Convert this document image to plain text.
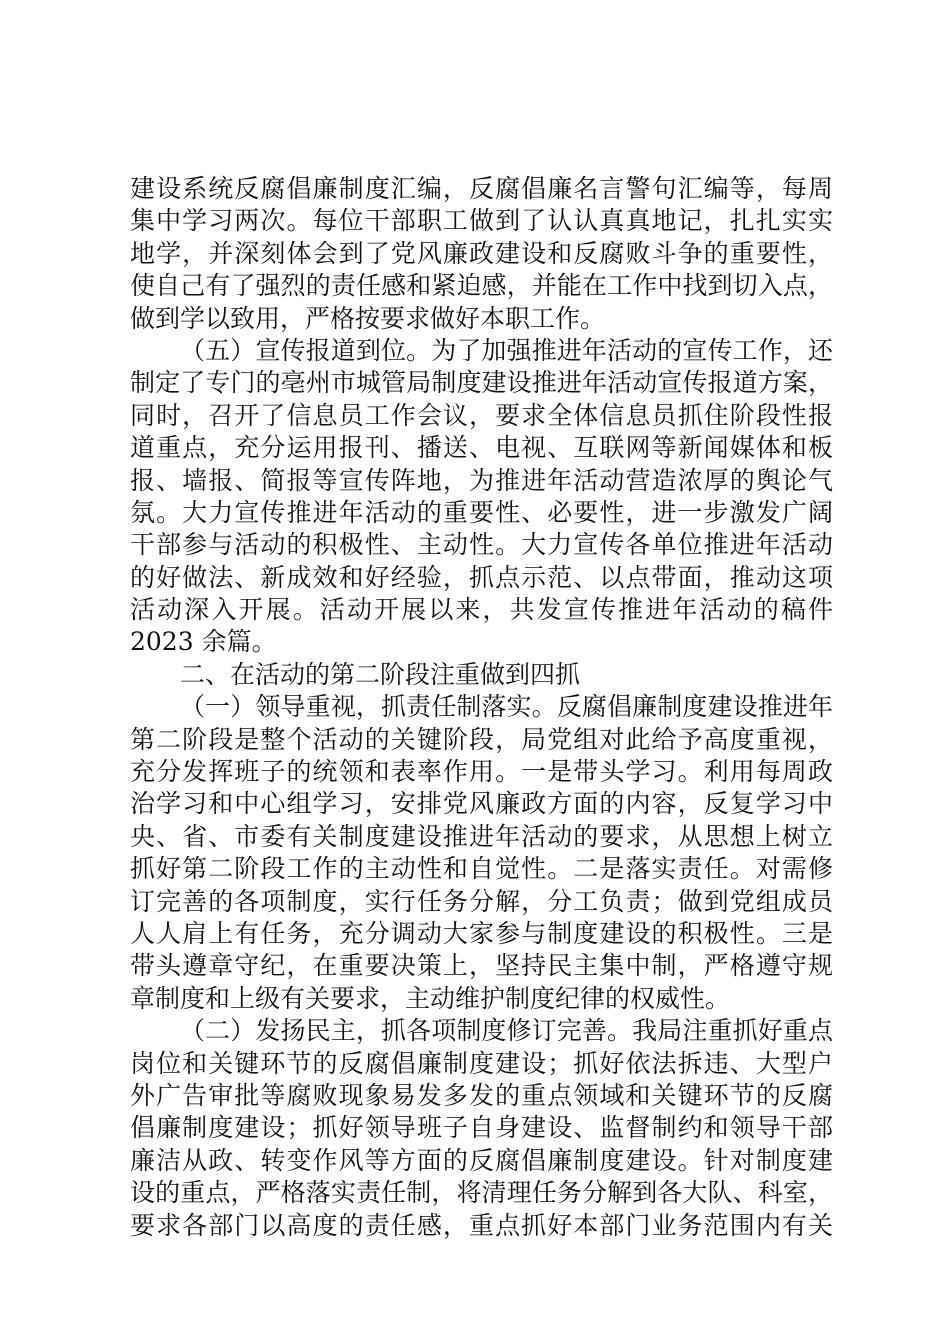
建设系统反腐倡廉制度汇编，反腐倡廉名言警句汇编等，每周
集中学习两次。每位干部职工做到了认认真真地记，扎扎实实
地学，并深刻体会到了党风廉政建设和反腐败斗争的重要性，
使自己有了强烈的责任感和紧迫感，并能在工作中找到切入点，
做到学以致用，严格按要求做好本职工作。
（五）宣传报道到位。为了加强推进年活动的宣传工作，还
制定了专门的亳州市城管局制度建设推进年活动宣传报道方案，
同时，召开了信息员工作会议，要求全体信息员抓住阶段性报
道重点，充分运用报刊、播送、电视、互联网等新闻媒体和板
报、墙报、简报等宣传阵地，为推进年活动营造浓厚的舆论气
氛。大力宣传推进年活动的重要性、必要性，进一步激发广阔
干部参与活动的积极性、主动性。大力宣传各单位推进年活动
的好做法、新成效和好经验，抓点示范、以点带面，推动这项
活动深入开展。活动开展以来，共发宣传推进年活动的稿件
2023 余篇。
二、在活动的第二阶段注重做到四抓
（一）领导重视，抓责任制落实。反腐倡廉制度建设推进年
第二阶段是整个活动的关键阶段，局党组对此给予高度重视，
充分发挥班子的统领和表率作用。一是带头学习。利用每周政
治学习和中心组学习，安排党风廉政方面的内容，反复学习中
央、省、市委有关制度建设推进年活动的要求，从思想上树立
抓好第二阶段工作的主动性和自觉性。二是落实责任。对需修
订完善的各项制度，实行任务分解，分工负责；做到党组成员
人人肩上有任务，充分调动大家参与制度建设的积极性。三是
带头遵章守纪，在重要决策上，坚持民主集中制，严格遵守规
章制度和上级有关要求，主动维护制度纪律的权威性。
（二）发扬民主，抓各项制度修订完善。我局注重抓好重点
岗位和关键环节的反腐倡廉制度建设；抓好依法拆违、大型户
外广告审批等腐败现象易发多发的重点领域和关键环节的反腐
倡廉制度建设；抓好领导班子自身建设、监督制约和领导干部
廉洁从政、转变作风等方面的反腐倡廉制度建设。针对制度建
设的重点，严格落实责任制，将清理任务分解到各大队、科室，
要求各部门以高度的责任感，重点抓好本部门业务范围内有关
